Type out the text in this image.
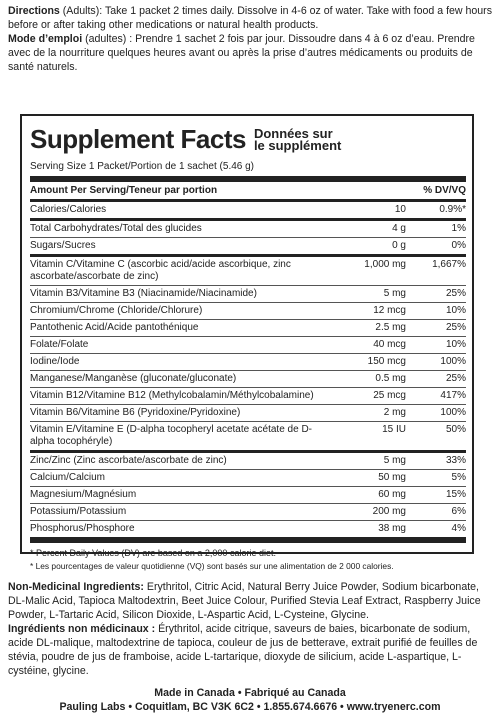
Directions (Adults): Take 1 packet 2 times daily. Dissolve in 4-6 oz of water. Take with food a few hours before or after taking other medications or natural health products.

Mode d’emploi (adultes) : Prendre 1 sachet 2 fois par jour. Dissoudre dans 4 à 6 oz d’eau. Prendre avec de la nourriture quelques heures avant ou après la prise d’autres médicaments ou produits de santé naturels.

Supplement Facts Données sur
le supplément
Serving Size 1 Packet/Portion de 1 sachet (5.46 g)
Amount Per Serving/Teneur par portion	% DV/VQ
Calories/Calories	10	0.9%*
Total Carbohydrates/Total des glucides	4 g	1%
Sugars/Sucres	0 g	0%
Vitamin C/Vitamine C (ascorbic acid/acide ascorbique, zinc ascorbate/ascorbate de zinc)
1,000 mg	1,667%
Vitamin B3/Vitamine B3 (Niacinamide/Niacinamide)	5 mg	25%
Chromium/Chrome (Chloride/Chlorure)	12 mcg	10%
Pantothenic Acid/Acide pantothénique	2.5 mg	25%
Folate/Folate	40 mcg	10%
Iodine/Iode	150 mcg	100%
Manganese/Manganèse (gluconate/gluconate)	0.5 mg	25%
Vitamin B12/Vitamine B12 (Methylcobalamin/Méthylcobalamine)	25 mcg	417%
Vitamin B6/Vitamine B6 (Pyridoxine/Pyridoxine)	2 mg	100%
Vitamin E/Vitamine E (D-alpha tocopheryl acetate acétate de D-alpha tocophéryle)
15 IU	50%
Zinc/Zinc (Zinc ascorbate/ascorbate de zinc)	5 mg	33%
Calcium/Calcium	50 mg	5%
Magnesium/Magnésium	60 mg	15%
Potassium/Potassium	200 mg	6%
Phosphorus/Phosphore	38 mg	4%
* Percent Daily Values (DV) are based on a 2,000 calorie diet.
* Les pourcentages de valeur quotidienne (VQ) sont basés sur une alimentation de 2 000 calories.

Non-Medicinal Ingredients: Erythritol, Citric Acid, Natural Berry Juice Powder, Sodium bicarbonate, DL-Malic Acid, Tapioca Maltodextrin, Beet Juice Colour, Purified Stevia Leaf Extract, Raspberry Juice Powder, L-Tartaric Acid, Silicon Dioxide, L-Aspartic Acid, L-Cysteine, Glycine.

Ingrédients non médicinaux : Érythritol, acide citrique, saveurs de baies, bicarbonate de sodium, acide DL-malique, maltodextrine de tapioca, couleur de jus de betterave, extrait purifié de feuilles de stévia, poudre de jus de framboise, acide L-tartarique, dioxyde de silicium, acide L-aspartique, L-cystéine, glycine.

Made in Canada • Fabriqué au Canada
Pauling Labs • Coquitlam, BC V3K 6C2 • 1.855.674.6676 • www.tryenerc.com
